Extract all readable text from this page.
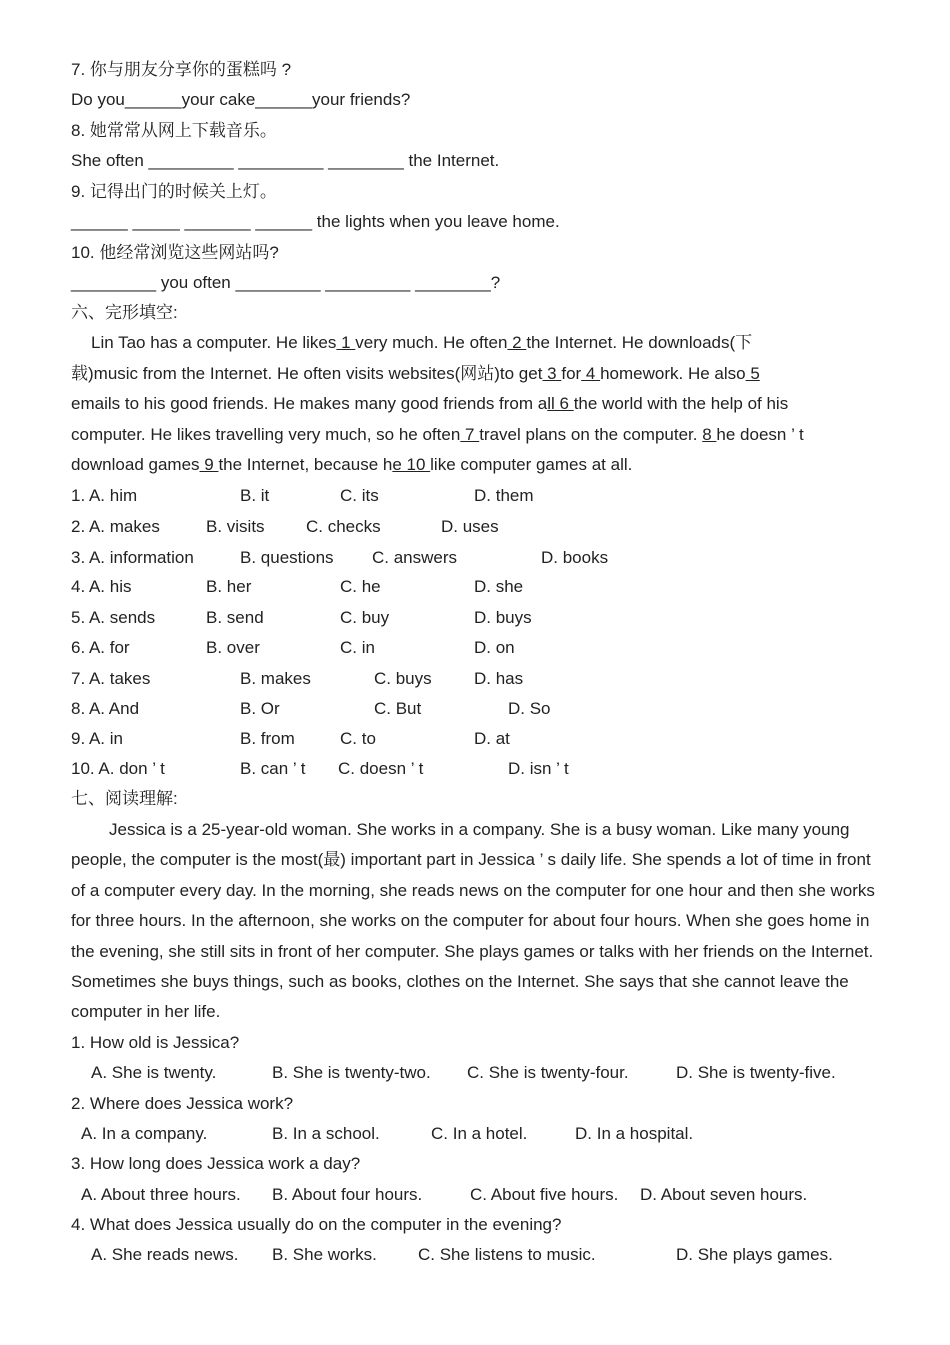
7. 你与朋友分享你的蛋糕吗 ?
Do you______your cake______your friends?
8. 她常常从网上下载音乐。
She often _________ _________ ________ the Internet.
9. 记得出门的时候关上灯。
______ _____ _______ ______ the lights when you leave home.
10. 他经常浏览这些网站吗?
_________ you often _________ _________ ________?
六、完形填空:
Lin Tao has a computer. He likes 1 very much. He often 2 the Internet. He downloads(下
载)music from the Internet. He often visits websites(网站)to get 3 for 4 homework. He also 5
emails to his good friends. He makes many good friends from all 6 the world with the help of his
computer. He likes travelling very much, so he often 7 travel plans on the computer. 8 he doesn ’ t
download games 9 the Internet, because he 10 like computer games at all.
1. A. him	B. it	C. its	D. them
2. A. makes	B. visits C. checks	D. uses
3. A. information	B. questions C. answers	D. books
4. A. his	B. her	C. he	D. she
5. A. sends	B. send	C. buy	D. buys
6. A. for	B. over	C. in	D. on
7. A. takes	B. makes	C. buys D. has
8. A. And	B. Or	C. But	D. So
9. A. in	B. from	C. to	D. at
10. A. don ’ t	B. can ’ t C. doesn ’ t	D. isn ’ t
七、阅读理解:
Jessica is a 25-year-old woman. She works in a company. She is a busy woman. Like many young
people, the computer is the most(最) important part in Jessica ’ s daily life. She spends a lot of time in front
of a computer every day. In the morning, she reads news on the computer for one hour and then she works
for three hours. In the afternoon, she works on the computer for about four hours. When she goes home in
the evening, she still sits in front of her computer. She plays games or talks with her friends on the Internet.
Sometimes she buys things, such as books, clothes on the Internet. She says that she cannot leave the
computer in her life.
1. How old is Jessica?
A. She is twenty.	B. She is twenty-two. C. She is twenty-four.	D. She is twenty-five.
2. Where does Jessica work?
A. In a company.	B. In a school.	C. In a hotel.	D. In a hospital.
3. How long does Jessica work a day?
A. About three hours. B. About four hours.	C. About five hours. D. About seven hours.
4. What does Jessica usually do on the computer in the evening?
A. She reads news. B. She works. C. She listens to music.	D. She plays games.
